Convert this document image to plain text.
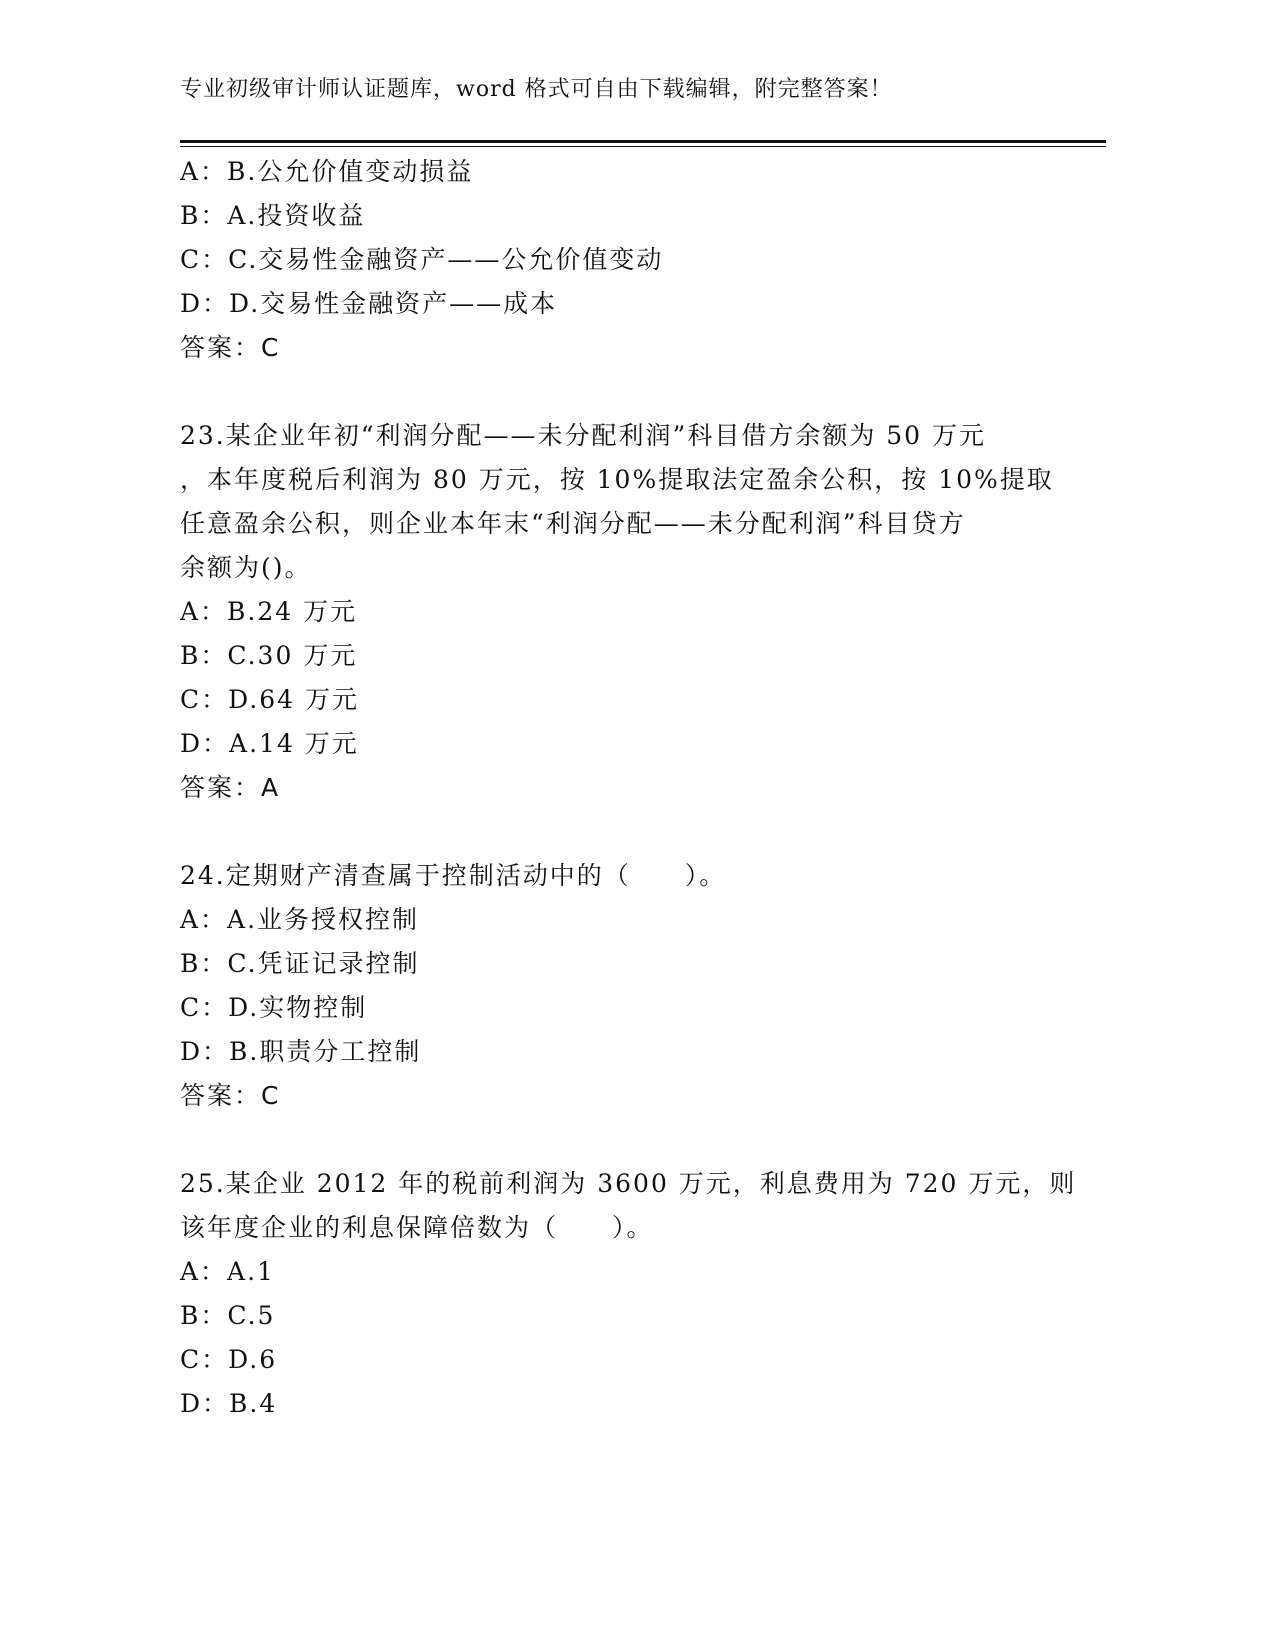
专业初级审计师认证题库，word 格式可自由下载编辑，附完整答案！
A：B.公允价值变动损益
B：A.投资收益
C：C.交易性金融资产——公允价值变动
D：D.交易性金融资产——成本
答案：C
23.某企业年初“利润分配——未分配利润”科目借方余额为 50 万元
，本年度税后利润为 80 万元，按 10%提取法定盈余公积，按 10%提取
任意盈余公积，则企业本年末“利润分配——未分配利润”科目贷方
余额为()。
A：B.24 万元
B：C.30 万元
C：D.64 万元
D：A.14 万元
答案：A
24.定期财产清查属于控制活动中的（　　）。
A：A.业务授权控制
B：C.凭证记录控制
C：D.实物控制
D：B.职责分工控制
答案：C
25.某企业 2012 年的税前利润为 3600 万元，利息费用为 720 万元，则
该年度企业的利息保障倍数为（　　）。
A：A.1
B：C.5
C：D.6
D：B.4
